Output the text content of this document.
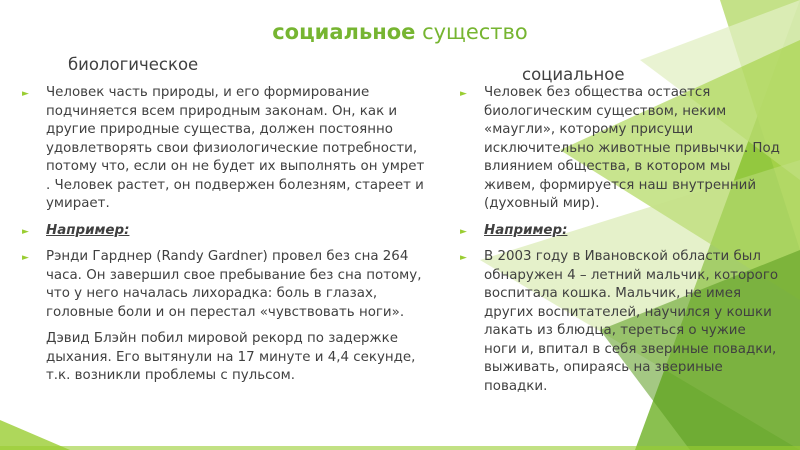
социальное существо
биологическое
социальное
► Человек часть природы, и его формирование подчиняется всем природным законам. Он, как и другие природные существа, должен постоянно удовлетворять свои физиологические потребности, потому что, если он не будет их выполнять он умрет . Человек растет, он подвержен болезням, стареет и умирает.
► Например:
► Рэнди Гарднер (Randy Gardner) провел без сна 264 часа. Он завершил свое пребывание без сна потому, что у него началась лихорадка: боль в глазах, головные боли и он перестал «чувствовать ноги».
Дэвид Блэйн побил мировой рекорд по задержке дыхания. Его вытянули на 17 минуте и 4,4 секунде, т.к. возникли проблемы с пульсом.
► Человек без общества остается биологическим существом, неким «маугли», которому присущи исключительно животные привычки. Под влиянием общества, в котором мы живем, формируется наш внутренний (духовный мир).
► Например:
► В 2003 году в Ивановской области был обнаружен 4 – летний мальчик, которого воспитала кошка. Мальчик, не имея других воспитателей, научился у кошки лакать из блюдца, тереться о чужие ноги и, впитал в себя звериные повадки, выживать, опираясь на звериные повадки.
